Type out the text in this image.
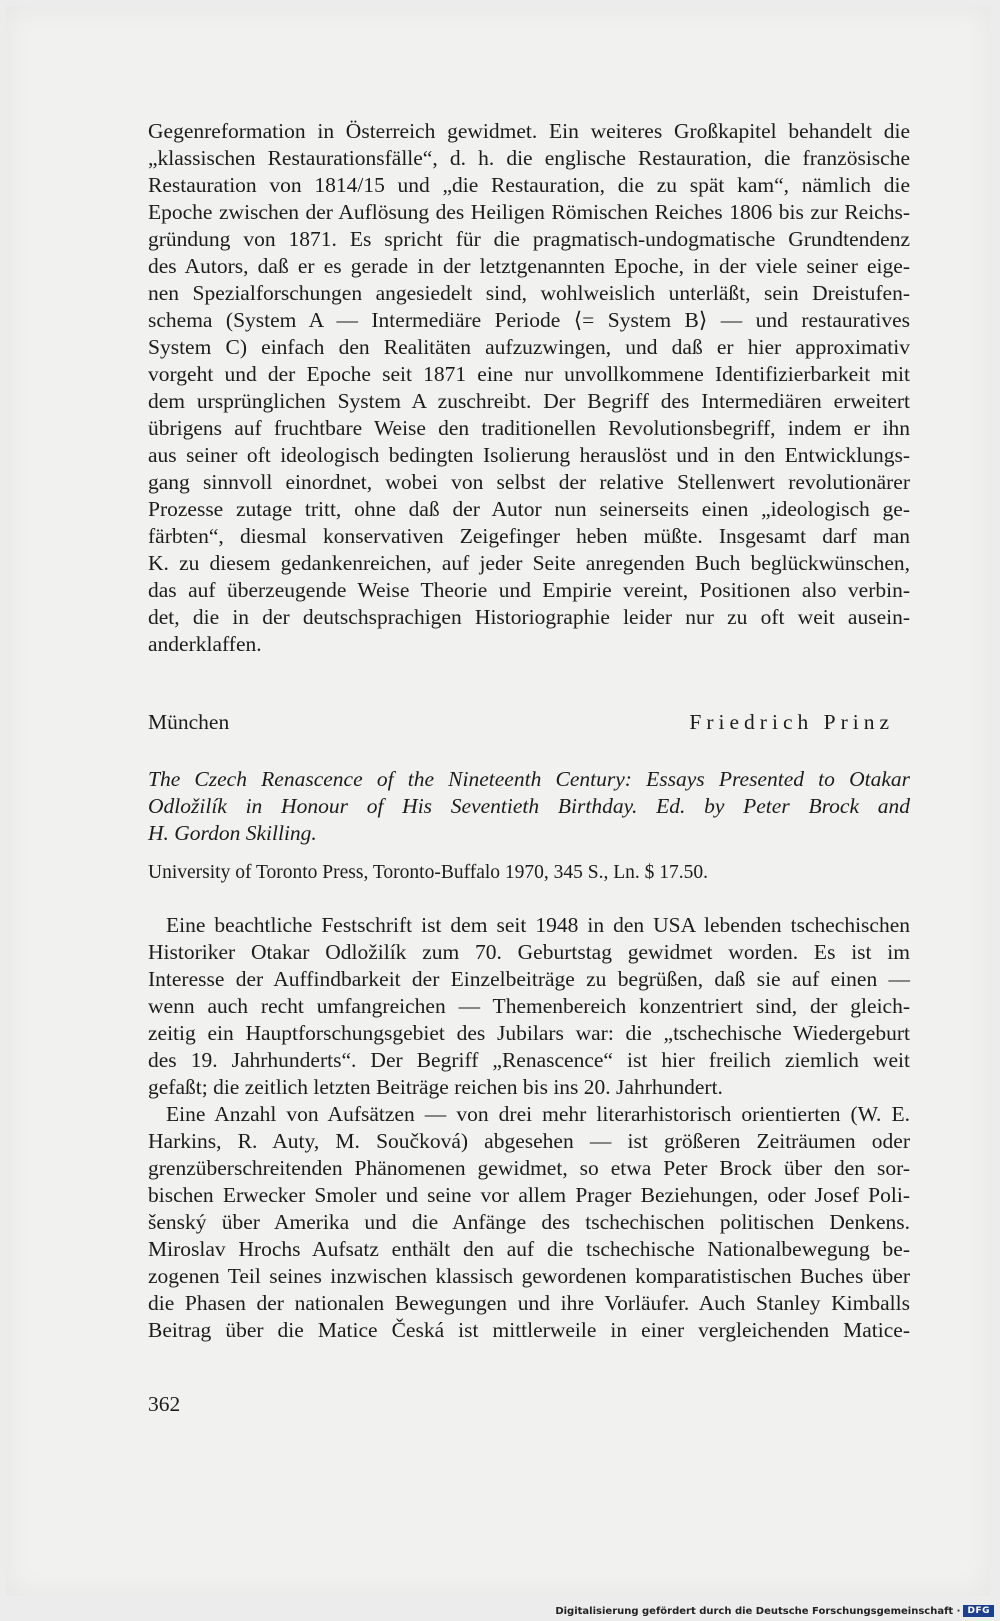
Gegenreformation in Österreich gewidmet. Ein weiteres Großkapitel behandelt die
„klassischen Restaurationsfälle“, d. h. die englische Restauration, die französische
Restauration von 1814/15 und „die Restauration, die zu spät kam“, nämlich die
Epoche zwischen der Auflösung des Heiligen Römischen Reiches 1806 bis zur Reichs-
gründung von 1871. Es spricht für die pragmatisch-undogmatische Grundtendenz
des Autors, daß er es gerade in der letztgenannten Epoche, in der viele seiner eige-
nen Spezialforschungen angesiedelt sind, wohlweislich unterläßt, sein Dreistufen-
schema (System A — Intermediäre Periode ⟨= System B⟩ — und restauratives
System C) einfach den Realitäten aufzuzwingen, und daß er hier approximativ
vorgeht und der Epoche seit 1871 eine nur unvollkommene Identifizierbarkeit mit
dem ursprünglichen System A zuschreibt. Der Begriff des Intermediären erweitert
übrigens auf fruchtbare Weise den traditionellen Revolutionsbegriff, indem er ihn
aus seiner oft ideologisch bedingten Isolierung herauslöst und in den Entwicklungs-
gang sinnvoll einordnet, wobei von selbst der relative Stellenwert revolutionärer
Prozesse zutage tritt, ohne daß der Autor nun seinerseits einen „ideologisch ge-
färbten“, diesmal konservativen Zeigefinger heben müßte. Insgesamt darf man
K. zu diesem gedankenreichen, auf jeder Seite anregenden Buch beglückwünschen,
das auf überzeugende Weise Theorie und Empirie vereint, Positionen also verbin-
det, die in der deutschsprachigen Historiographie leider nur zu oft weit ausein-
anderklaffen.
München	Friedrich Prinz
The Czech Renascence of the Nineteenth Century: Essays Presented to Otakar
Odložilík in Honour of His Seventieth Birthday. Ed. by Peter Brock and
H. Gordon Skilling.
University of Toronto Press, Toronto-Buffalo 1970, 345 S., Ln. $ 17.50.
Eine beachtliche Festschrift ist dem seit 1948 in den USA lebenden tschechischen
Historiker Otakar Odložilík zum 70. Geburtstag gewidmet worden. Es ist im
Interesse der Auffindbarkeit der Einzelbeiträge zu begrüßen, daß sie auf einen —
wenn auch recht umfangreichen — Themenbereich konzentriert sind, der gleich-
zeitig ein Hauptforschungsgebiet des Jubilars war: die „tschechische Wiedergeburt
des 19. Jahrhunderts“. Der Begriff „Renascence“ ist hier freilich ziemlich weit
gefaßt; die zeitlich letzten Beiträge reichen bis ins 20. Jahrhundert.
Eine Anzahl von Aufsätzen — von drei mehr literarhistorisch orientierten (W. E.
Harkins, R. Auty, M. Součková) abgesehen — ist größeren Zeiträumen oder
grenzüberschreitenden Phänomenen gewidmet, so etwa Peter Brock über den sor-
bischen Erwecker Smoler und seine vor allem Prager Beziehungen, oder Josef Poli-
šenský über Amerika und die Anfänge des tschechischen politischen Denkens.
Miroslav Hrochs Aufsatz enthält den auf die tschechische Nationalbewegung be-
zogenen Teil seines inzwischen klassisch gewordenen komparatistischen Buches über
die Phasen der nationalen Bewegungen und ihre Vorläufer. Auch Stanley Kimballs
Beitrag über die Matice Česká ist mittlerweile in einer vergleichenden Matice-
362
Digitalisierung gefördert durch die Deutsche Forschungsgemeinschaft · DFG
